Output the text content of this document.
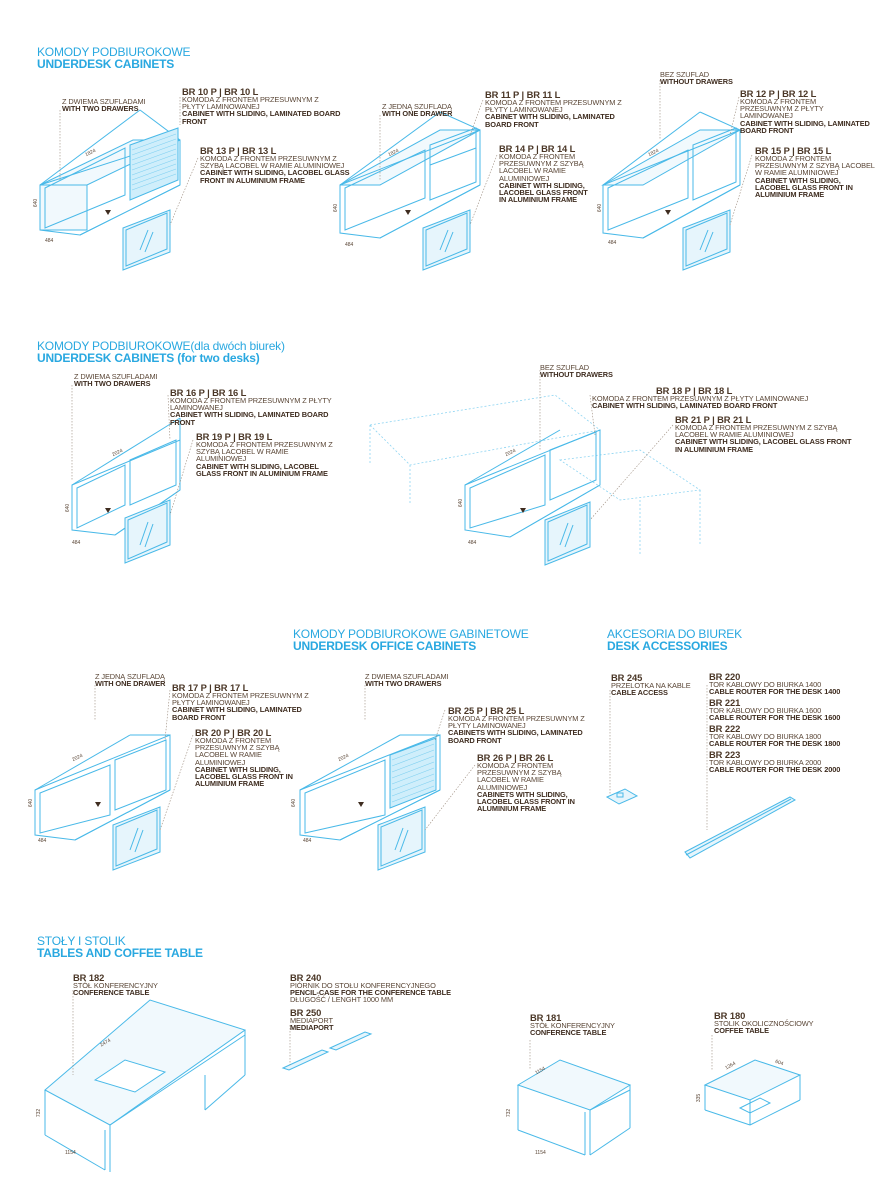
KOMODY PODBIUROKOWE
UNDERDESK CABINETS
KOMODY PODBIUROKOWE(dla dwóch biurek)
UNDERDESK CABINETS (for two desks)
KOMODY PODBIUROKOWE GABINETOWE
UNDERDESK OFFICE CABINETS
AKCESORIA DO BIUREK
DESK ACCESSORIES
STOŁY I STOLIK
TABLES AND COFFEE TABLE
Z DWIEMA SZUFLADAMI
WITH TWO DRAWERS
BR 10 P | BR 10 L
KOMODA Z FRONTEM PRZESUWNYM Z PŁYTY LAMINOWANEJ
CABINET WITH SLIDING, LAMINATED BOARD FRONT
BR 13 P | BR 13 L
KOMODA Z FRONTEM PRZESUWNYM Z SZYBĄ LACOBEL W RAMIE ALUMINIOWEJ
CABINET WITH SLIDING, LACOBEL GLASS FRONT IN ALUMINIUM FRAME
Z JEDNĄ SZUFLADĄ
WITH ONE DRAWER
BR 11 P | BR 11 L
KOMODA Z FRONTEM PRZESUWNYM Z PŁYTY LAMINOWANEJ
CABINET WITH SLIDING, LAMINATED BOARD FRONT
BR 14 P | BR 14 L
KOMODA Z FRONTEM PRZESUWNYM Z SZYBĄ LACOBEL W RAMIE ALUMINIOWEJ
CABINET WITH SLIDING, LACOBEL GLASS FRONT IN ALUMINIUM FRAME
BEZ SZUFLAD
WITHOUT DRAWERS
BR 12 P | BR 12 L
KOMODA Z FRONTEM PRZESUWNYM Z PŁYTY LAMINOWANEJ
CABINET WITH SLIDING, LAMINATED BOARD FRONT
BR 15 P | BR 15 L
KOMODA Z FRONTEM PRZESUWNYM Z SZYBĄ LACOBEL W RAMIE ALUMINIOWEJ
CABINET WITH SLIDING, LACOBEL GLASS FRONT IN ALUMINIUM FRAME
Z DWIEMA SZUFLADAMI
WITH TWO DRAWERS
BR 16 P | BR 16 L
KOMODA Z FRONTEM PRZESUWNYM Z PŁYTY LAMINOWANEJ
CABINET WITH SLIDING, LAMINATED BOARD FRONT
BR 19 P | BR 19 L
KOMODA Z FRONTEM PRZESUWNYM Z SZYBĄ LACOBEL W RAMIE ALUMINIOWEJ
CABINET WITH SLIDING, LACOBEL GLASS FRONT IN ALUMINIUM FRAME
BEZ SZUFLAD
WITHOUT DRAWERS
BR 18 P | BR 18 L
KOMODA Z FRONTEM PRZESUWNYM Z PŁYTY LAMINOWANEJ
CABINET WITH SLIDING, LAMINATED BOARD FRONT
BR 21 P | BR 21 L
KOMODA Z FRONTEM PRZESUWNYM Z SZYBĄ LACOBEL W RAMIE ALUMINIOWEJ
CABINET WITH SLIDING, LACOBEL GLASS FRONT IN ALUMINIUM FRAME
Z JEDNĄ SZUFLADĄ
WITH ONE DRAWER BR 17 P | BR 17 L
KOMODA Z FRONTEM PRZESUWNYM Z PŁYTY LAMINOWANEJ
CABINET WITH SLIDING, LAMINATED BOARD FRONT
BR 20 P | BR 20 L
KOMODA Z FRONTEM PRZESUWNYM Z SZYBĄ LACOBEL W RAMIE ALUMINIOWEJ
CABINET WITH SLIDING, LACOBEL GLASS FRONT IN ALUMINIUM FRAME
Z DWIEMA SZUFLADAMI
WITH TWO DRAWERS
BR 25 P | BR 25 L
KOMODA Z FRONTEM PRZESUWNYM Z PŁYTY LAMINOWANEJ
CABINETS WITH SLIDING, LAMINATED BOARD FRONT
BR 26 P | BR 26 L
KOMODA Z FRONTEM PRZESUWNYM Z SZYBĄ LACOBEL W RAMIE ALUMINIOWEJ
CABINETS WITH SLIDING, LACOBEL GLASS FRONT IN ALUMINIUM FRAME
BR 245
PRZELOTKA NA KABLE
CABLE ACCESS
BR 220
TOR KABLOWY DO BIURKA 1400
CABLE ROUTER FOR THE DESK 1400
BR 221
TOR KABLOWY DO BIURKA 1600
CABLE ROUTER FOR THE DESK 1600
BR 222
TOR KABLOWY DO BIURKA 1800
CABLE ROUTER FOR THE DESK 1800
BR 223
TOR KABLOWY DO BIURKA 2000
CABLE ROUTER FOR THE DESK 2000
BR 182
STÓŁ KONFERENCYJNY
CONFERENCE TABLE
BR 240
PIÓRNIK DO STOŁU KONFERENCYJNEGO
PENCIL-CASE FOR THE CONFERENCE TABLE
DŁUGOŚĆ / LENGHT 1000 MM
BR 250
MEDIAPORT
MEDIAPORT
BR 181
STÓŁ KONFERENCYJNY
CONFERENCE TABLE
BR 180
STOLIK OKOLICZNOŚCIOWY
COFFEE TABLE
1824
640
484
1824
640
484
1824
640
484
2024
640
484
2024
640
484
2024
640
484
2024
640
484
2474
732
1154
1154
732
1154
1264	604
335
